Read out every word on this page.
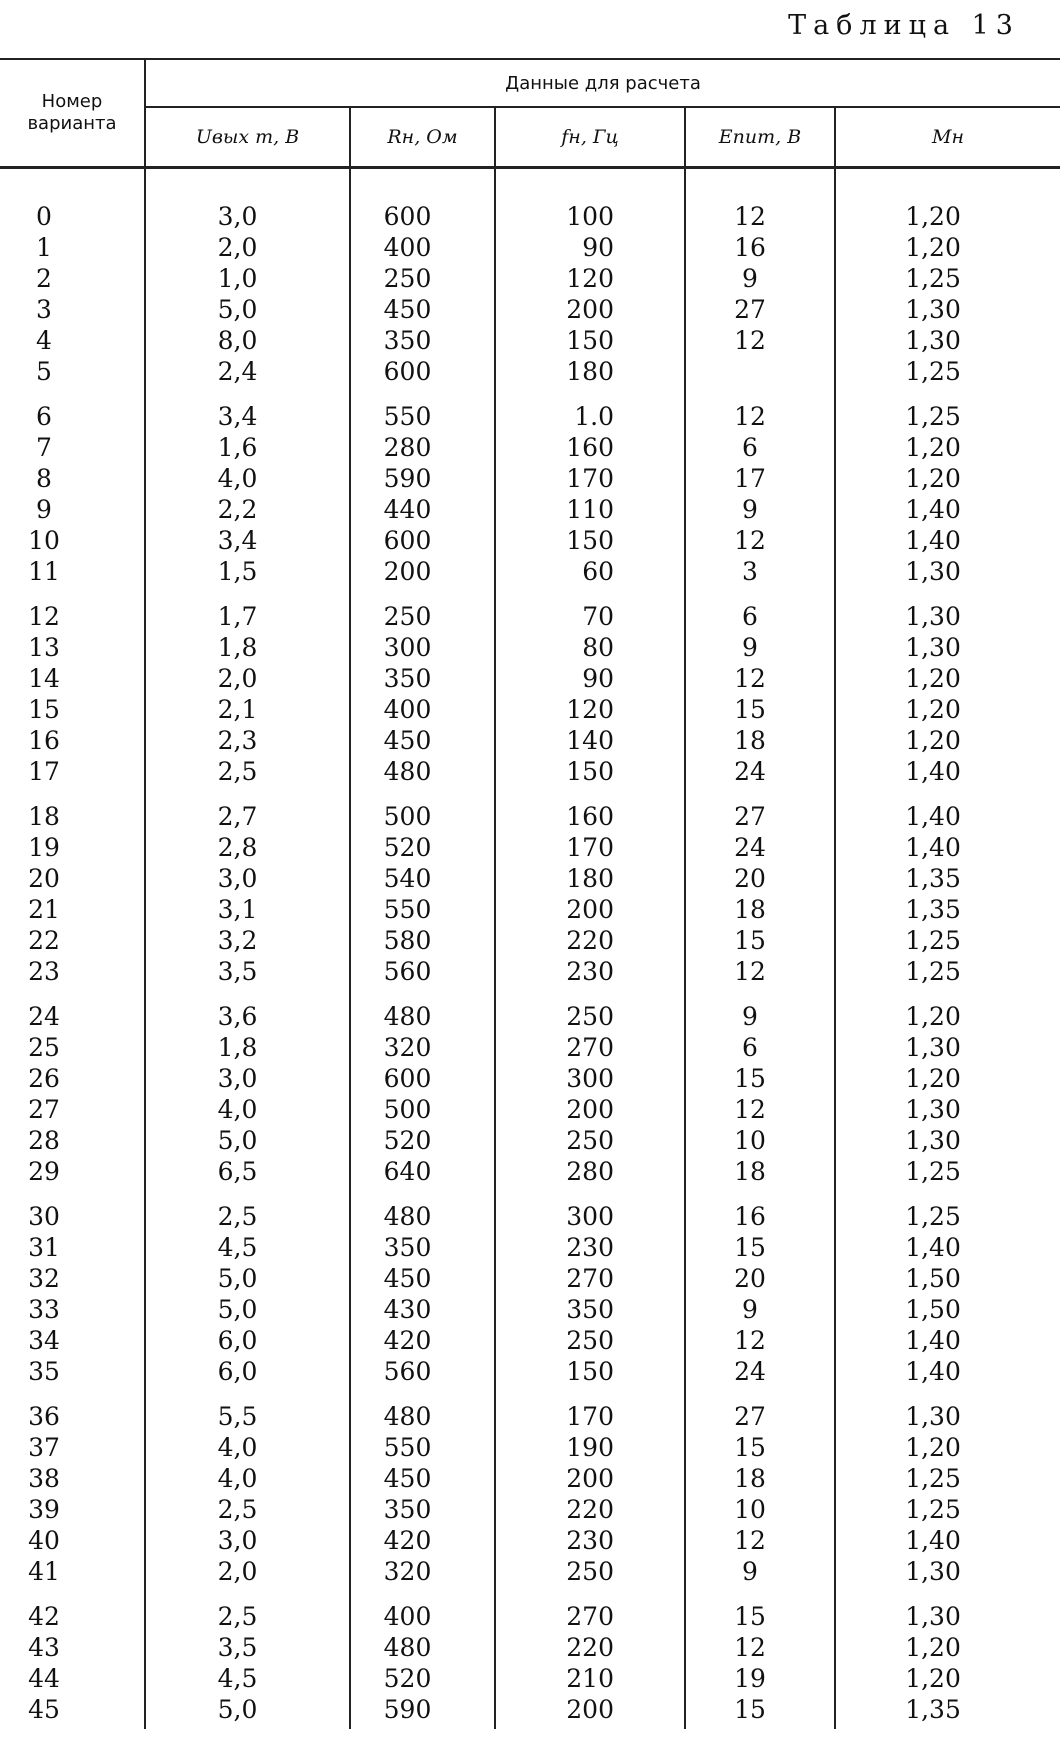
Таблица 13
Номер варианта	Данные для расчета				
	Uвых m, В	Rн, Ом	fн, Гц	Eпит, В	Mн
0	3,0	600	100	12	1,20
1	2,0	400	90	16	1,20
2	1,0	250	120	9	1,25
3	5,0	450	200	27	1,30
4	8,0	350	150	12	1,30
5	2,4	600	180		1,25
6	3,4	550	1.0	12	1,25
7	1,6	280	160	6	1,20
8	4,0	590	170	17	1,20
9	2,2	440	110	9	1,40
10	3,4	600	150	12	1,40
11	1,5	200	60	3	1,30
12	1,7	250	70	6	1,30
13	1,8	300	80	9	1,30
14	2,0	350	90	12	1,20
15	2,1	400	120	15	1,20
16	2,3	450	140	18	1,20
17	2,5	480	150	24	1,40
18	2,7	500	160	27	1,40
19	2,8	520	170	24	1,40
20	3,0	540	180	20	1,35
21	3,1	550	200	18	1,35
22	3,2	580	220	15	1,25
23	3,5	560	230	12	1,25
24	3,6	480	250	9	1,20
25	1,8	320	270	6	1,30
26	3,0	600	300	15	1,20
27	4,0	500	200	12	1,30
28	5,0	520	250	10	1,30
29	6,5	640	280	18	1,25
30	2,5	480	300	16	1,25
31	4,5	350	230	15	1,40
32	5,0	450	270	20	1,50
33	5,0	430	350	9	1,50
34	6,0	420	250	12	1,40
35	6,0	560	150	24	1,40
36	5,5	480	170	27	1,30
37	4,0	550	190	15	1,20
38	4,0	450	200	18	1,25
39	2,5	350	220	10	1,25
40	3,0	420	230	12	1,40
41	2,0	320	250	9	1,30
42	2,5	400	270	15	1,30
43	3,5	480	220	12	1,20
44	4,5	520	210	19	1,20
45	5,0	590	200	15	1,35
